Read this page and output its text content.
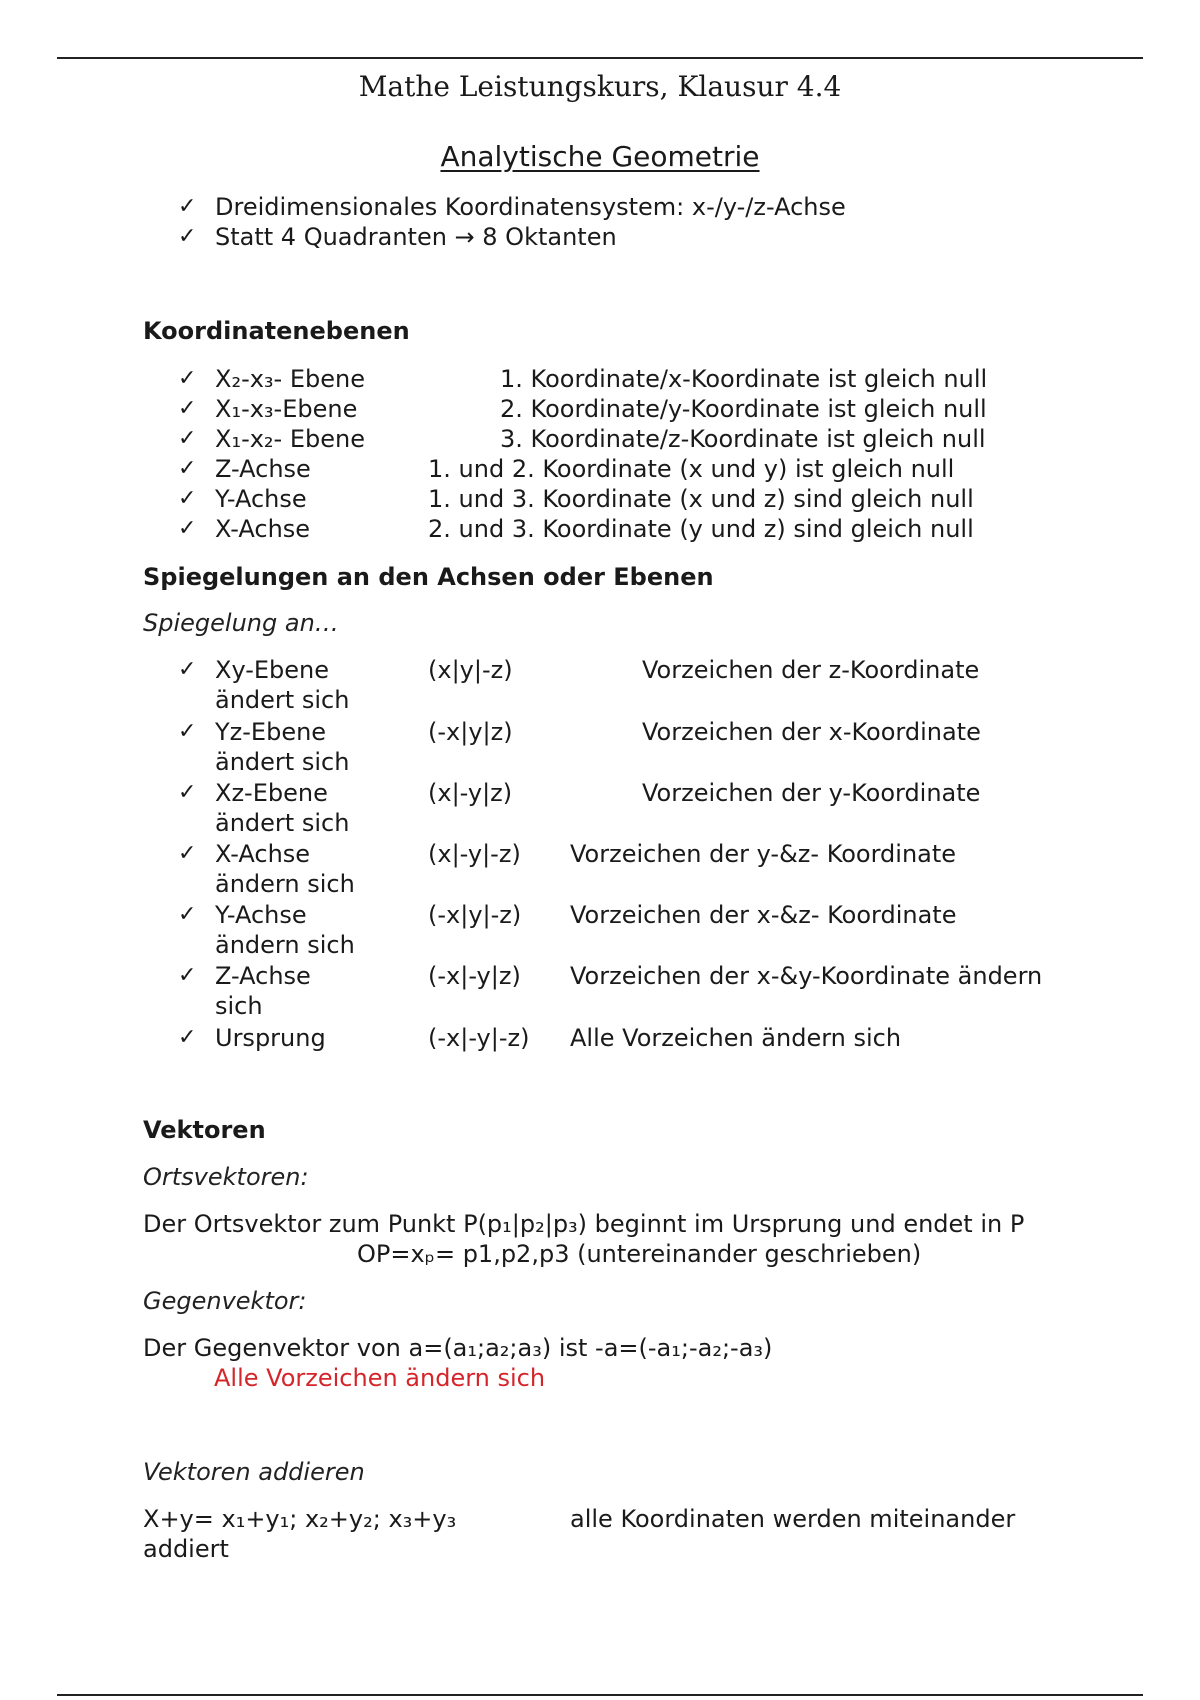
Mathe Leistungskurs, Klausur 4.4
Analytische Geometrie
✓ Dreidimensionales Koordinatensystem: x-/y-/z-Achse
✓ Statt 4 Quadranten → 8 Oktanten
Koordinatenebenen
✓ X₂-x₃- Ebene	1. Koordinate/x-Koordinate ist gleich null
✓ X₁-x₃-Ebene	2. Koordinate/y-Koordinate ist gleich null
✓ X₁-x₂- Ebene	3. Koordinate/z-Koordinate ist gleich null
✓ Z-Achse	1. und 2. Koordinate (x und y) ist gleich null
✓ Y-Achse	1. und 3. Koordinate (x und z) sind gleich null
✓ X-Achse	2. und 3. Koordinate (y und z) sind gleich null
Spiegelungen an den Achsen oder Ebenen
Spiegelung an…
✓ Xy-Ebene	(x|y|-z)	Vorzeichen der z-Koordinate
ändert sich
✓ Yz-Ebene	(-x|y|z)	Vorzeichen der x-Koordinate
ändert sich
✓ Xz-Ebene	(x|-y|z)	Vorzeichen der y-Koordinate
ändert sich
✓ X-Achse	(x|-y|-z) Vorzeichen der y-&z- Koordinate
ändern sich
✓ Y-Achse	(-x|y|-z) Vorzeichen der x-&z- Koordinate
ändern sich
✓ Z-Achse	(-x|-y|z) Vorzeichen der x-&y-Koordinate ändern
sich
✓ Ursprung	(-x|-y|-z) Alle Vorzeichen ändern sich
Vektoren
Ortsvektoren:
Der Ortsvektor zum Punkt P(p₁|p₂|p₃) beginnt im Ursprung und endet in P
OP=xₚ= p1,p2,p3 (untereinander geschrieben)
Gegenvektor:
Der Gegenvektor von a=(a₁;a₂;a₃) ist -a=(-a₁;-a₂;-a₃)
Alle Vorzeichen ändern sich
Vektoren addieren
X+y= x₁+y₁; x₂+y₂; x₃+y₃	alle Koordinaten werden miteinander
addiert
